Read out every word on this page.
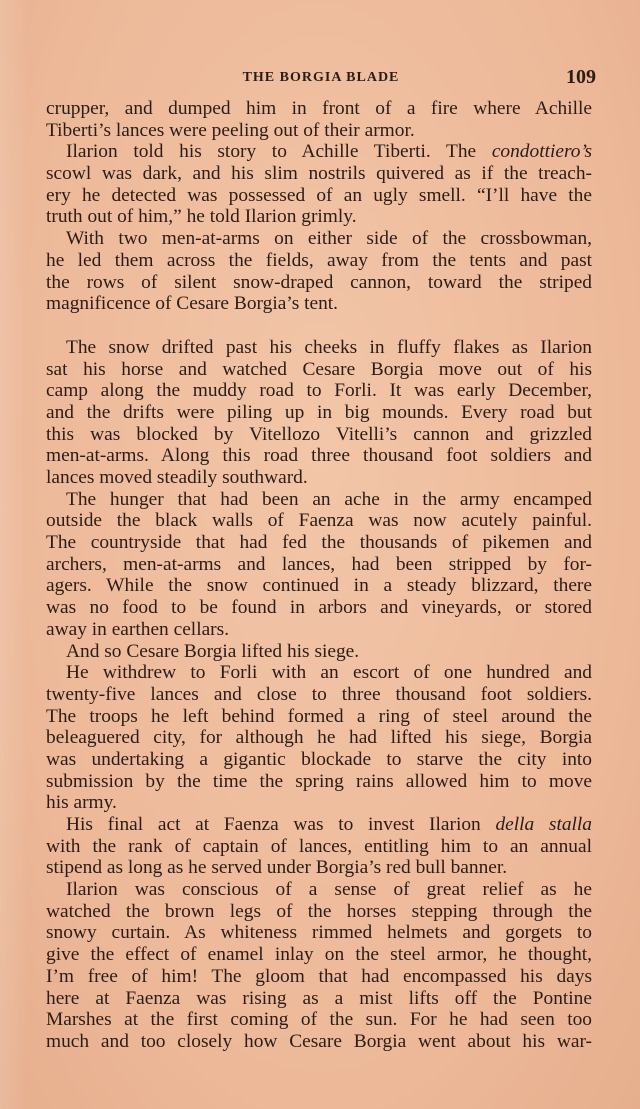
THE BORGIA BLADE	109
crupper, and dumped him in front of a fire where Achille
Tiberti’s lances were peeling out of their armor.
Ilarion told his story to Achille Tiberti. The condottiero’s
scowl was dark, and his slim nostrils quivered as if the treach-
ery he detected was possessed of an ugly smell. “I’ll have the
truth out of him,” he told Ilarion grimly.
With two men-at-arms on either side of the crossbowman,
he led them across the fields, away from the tents and past
the rows of silent snow-draped cannon, toward the striped
magnificence of Cesare Borgia’s tent.
The snow drifted past his cheeks in fluffy flakes as Ilarion
sat his horse and watched Cesare Borgia move out of his
camp along the muddy road to Forli. It was early December,
and the drifts were piling up in big mounds. Every road but
this was blocked by Vitellozo Vitelli’s cannon and grizzled
men-at-arms. Along this road three thousand foot soldiers and
lances moved steadily southward.
The hunger that had been an ache in the army encamped
outside the black walls of Faenza was now acutely painful.
The countryside that had fed the thousands of pikemen and
archers, men-at-arms and lances, had been stripped by for-
agers. While the snow continued in a steady blizzard, there
was no food to be found in arbors and vineyards, or stored
away in earthen cellars.
And so Cesare Borgia lifted his siege.
He withdrew to Forli with an escort of one hundred and
twenty-five lances and close to three thousand foot soldiers.
The troops he left behind formed a ring of steel around the
beleaguered city, for although he had lifted his siege, Borgia
was undertaking a gigantic blockade to starve the city into
submission by the time the spring rains allowed him to move
his army.
His final act at Faenza was to invest Ilarion della stalla
with the rank of captain of lances, entitling him to an annual
stipend as long as he served under Borgia’s red bull banner.
Ilarion was conscious of a sense of great relief as he
watched the brown legs of the horses stepping through the
snowy curtain. As whiteness rimmed helmets and gorgets to
give the effect of enamel inlay on the steel armor, he thought,
I’m free of him! The gloom that had encompassed his days
here at Faenza was rising as a mist lifts off the Pontine
Marshes at the first coming of the sun. For he had seen too
much and too closely how Cesare Borgia went about his war-
